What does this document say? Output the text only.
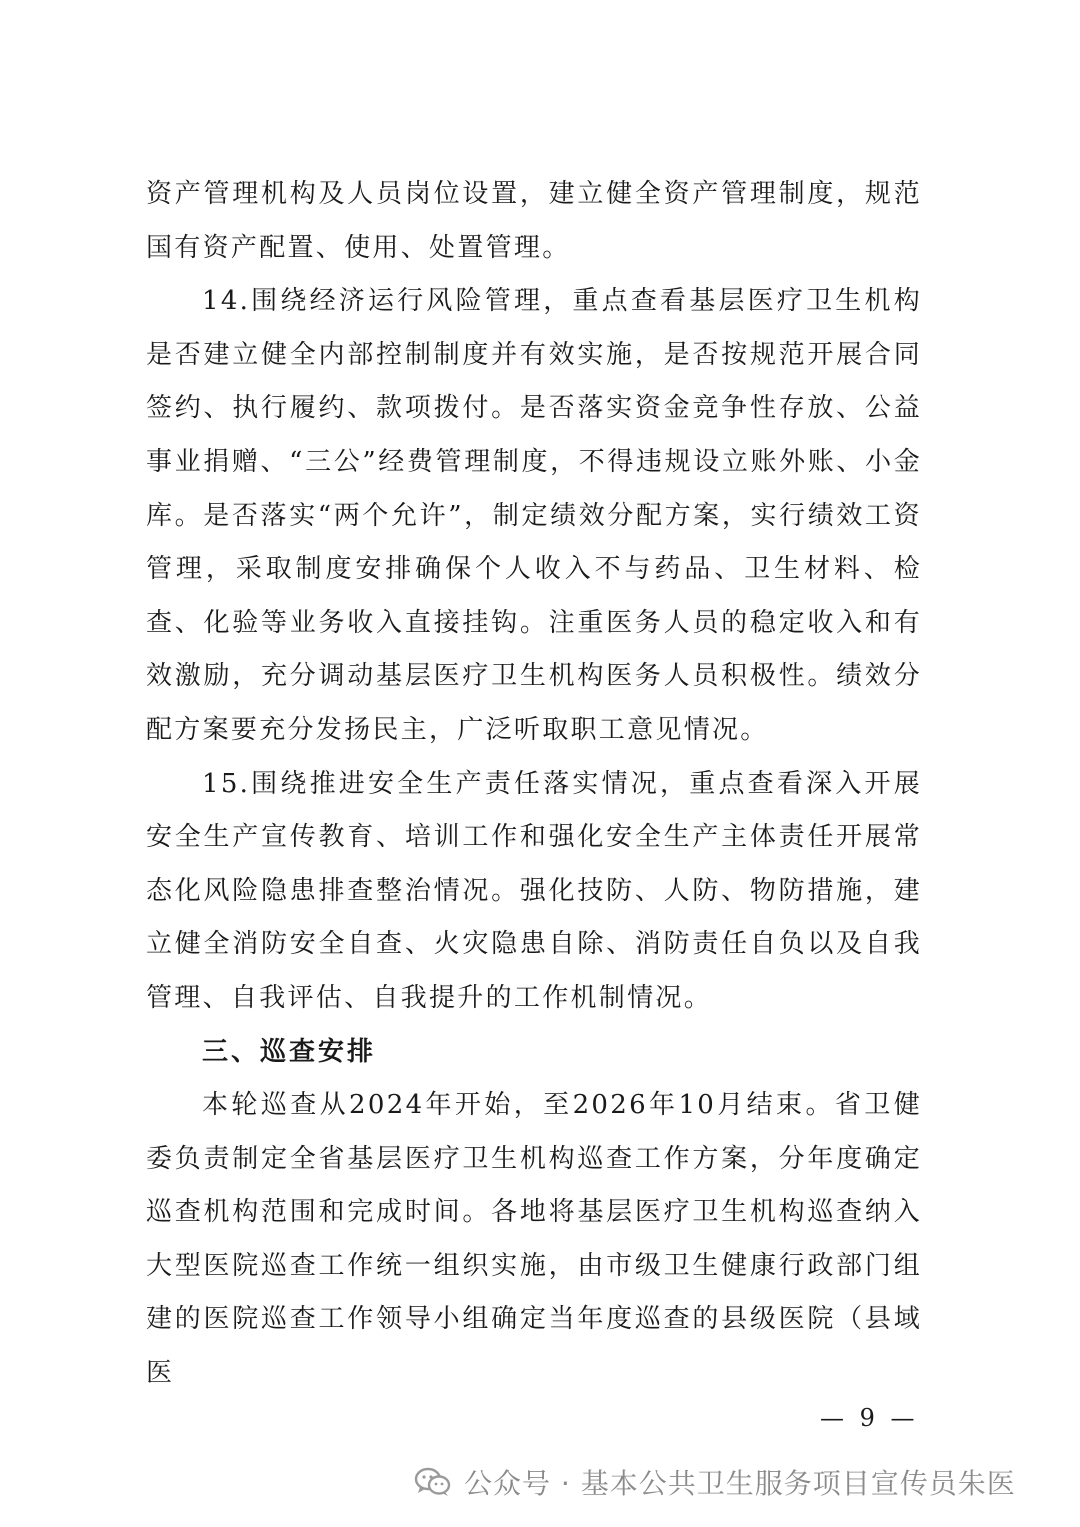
资产管理机构及人员岗位设置，建立健全资产管理制度，规范国有资产配置、使用、处置管理。

14.围绕经济运行风险管理，重点查看基层医疗卫生机构是否建立健全内部控制制度并有效实施，是否按规范开展合同签约、执行履约、款项拨付。是否落实资金竞争性存放、公益事业捐赠、“三公”经费管理制度，不得违规设立账外账、小金库。是否落实“两个允许”，制定绩效分配方案，实行绩效工资管理，采取制度安排确保个人收入不与药品、卫生材料、检查、化验等业务收入直接挂钩。注重医务人员的稳定收入和有效激励，充分调动基层医疗卫生机构医务人员积极性。绩效分配方案要充分发扬民主，广泛听取职工意见情况。

15.围绕推进安全生产责任落实情况，重点查看深入开展安全生产宣传教育、培训工作和强化安全生产主体责任开展常态化风险隐患排查整治情况。强化技防、人防、物防措施，建立健全消防安全自查、火灾隐患自除、消防责任自负以及自我管理、自我评估、自我提升的工作机制情况。

三、巡查安排

本轮巡查从2024年开始，至2026年10月结束。省卫健委负责制定全省基层医疗卫生机构巡查工作方案，分年度确定巡查机构范围和完成时间。各地将基层医疗卫生机构巡查纳入大型医院巡查工作统一组织实施，由市级卫生健康行政部门组建的医院巡查工作领导小组确定当年度巡查的县级医院（县域医

— 9 —
公众号 · 基本公共卫生服务项目宣传员朱医
